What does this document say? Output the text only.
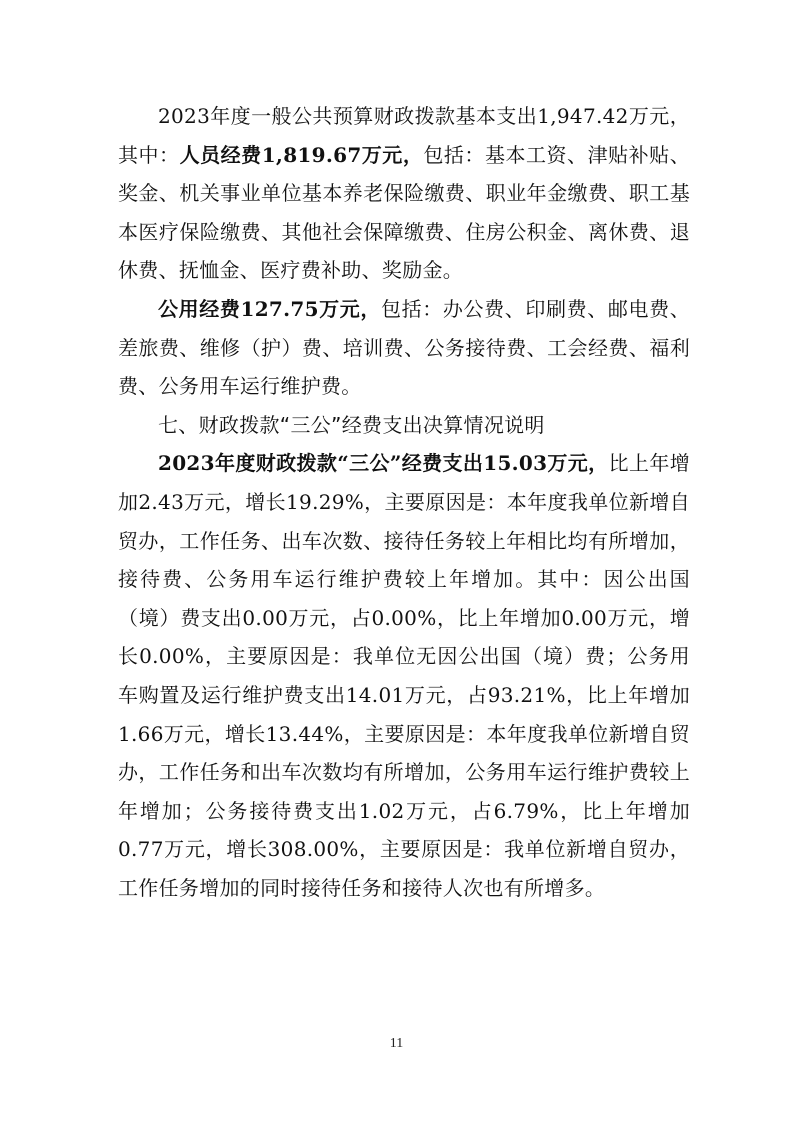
2023年度一般公共预算财政拨款基本支出1,947.42万元，其中：人员经费1,819.67万元，包括：基本工资、津贴补贴、奖金、机关事业单位基本养老保险缴费、职业年金缴费、职工基本医疗保险缴费、其他社会保障缴费、住房公积金、离休费、退休费、抚恤金、医疗费补助、奖励金。

公用经费127.75万元，包括：办公费、印刷费、邮电费、差旅费、维修（护）费、培训费、公务接待费、工会经费、福利费、公务用车运行维护费。

七、财政拨款“三公”经费支出决算情况说明

2023年度财政拨款“三公”经费支出15.03万元，比上年增加2.43万元，增长19.29%，主要原因是：本年度我单位新增自贸办，工作任务、出车次数、接待任务较上年相比均有所增加，接待费、公务用车运行维护费较上年增加。其中：因公出国（境）费支出0.00万元，占0.00%，比上年增加0.00万元，增长0.00%，主要原因是：我单位无因公出国（境）费；公务用车购置及运行维护费支出14.01万元，占93.21%，比上年增加1.66万元，增长13.44%，主要原因是：本年度我单位新增自贸办，工作任务和出车次数均有所增加，公务用车运行维护费较上年增加；公务接待费支出1.02万元，占6.79%，比上年增加0.77万元，增长308.00%，主要原因是：我单位新增自贸办，工作任务增加的同时接待任务和接待人次也有所增多。

11
